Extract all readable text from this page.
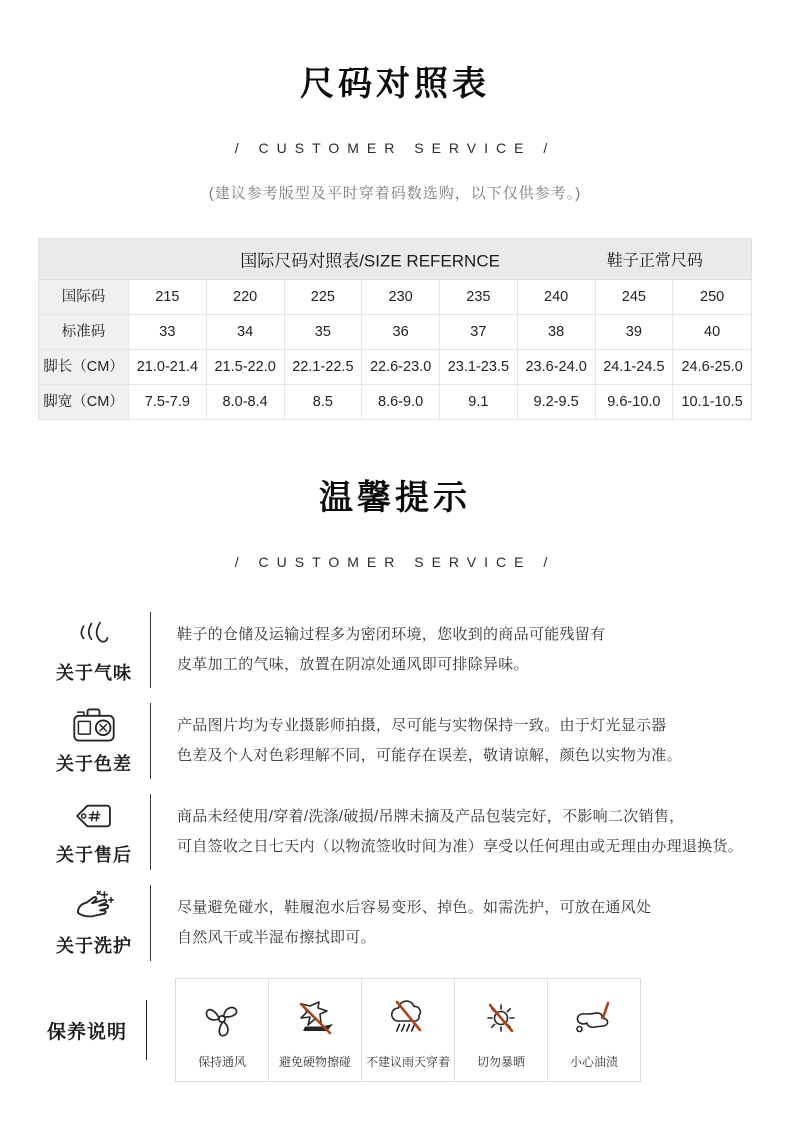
尺码对照表
/ CUSTOMER SERVICE /
(建议参考版型及平时穿着码数选购，以下仅供参考。)
国际尺码对照表/SIZE REFERNCE	鞋子正常尺码
国际码	215	220	225	230	235	240	245	250
标准码	33	34	35	36	37	38	39	40
脚长（CM） 21.0-21.4	21.5-22.0	22.1-22.5	22.6-23.0	23.1-23.5	23.6-24.0	24.1-24.5	24.6-25.0
脚宽（CM）	7.5-7.9	8.0-8.4	8.5	8.6-9.0	9.1	9.2-9.5	9.6-10.0	10.1-10.5
温馨提示
/ CUSTOMER SERVICE /
关于气味

鞋子的仓储及运输过程多为密闭环境，您收到的商品可能残留有

皮革加工的气味，放置在阴凉处通风即可排除异味。

关于色差

产品图片均为专业摄影师拍摄，尽可能与实物保持一致。由于灯光显示器

色差及个人对色彩理解不同，可能存在误差，敬请谅解，颜色以实物为准。

关于售后

商品未经使用/穿着/洗涤/破损/吊牌未摘及产品包装完好，不影响二次销售，

可自签收之日七天内（以物流签收时间为准）享受以任何理由或无理由办理退换货。

关于洗护

尽量避免碰水，鞋履泡水后容易变形、掉色。如需洗护，可放在通风处

自然风干或半湿布擦拭即可。

保养说明
保持通风	避免硬物擦碰 不建议雨天穿着 切勿暴晒	小心油渍
